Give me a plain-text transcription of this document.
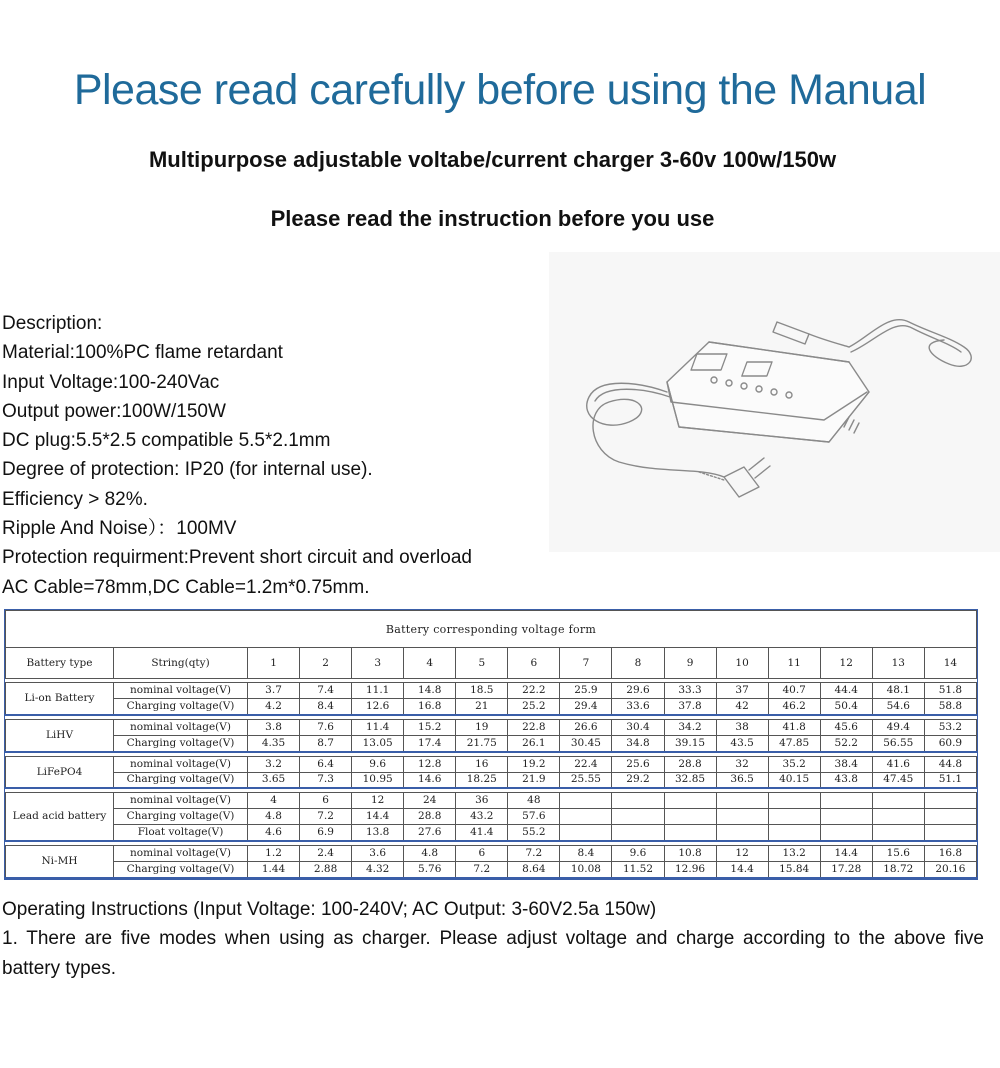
Please read carefully before using the Manual
Multipurpose adjustable voltabe/current charger 3-60v 100w/150w
Please read the instruction before you use
Description:
Material:100%PC flame retardant
Input Voltage:100-240Vac
Output power:100W/150W
DC plug:5.5*2.5 compatible 5.5*2.1mm
Degree of protection: IP20 (for internal use).
Efficiency > 82%.
Ripple And Noise）：100MV
Protection requirment:Prevent short circuit and overload
AC Cable=78mm,DC Cable=1.2m*0.75mm.
Battery corresponding voltage form															
Battery type	String(qty)	1	2	3	4	5	6	7	8	9	10	11	12	13	14

Li-on Battery	nominal voltage(V)	3.7	7.4	11.1	14.8	18.5	22.2	25.9	29.6	33.3	37	40.7	44.4	48.1	51.8
	Charging voltage(V)	4.2	8.4	12.6	16.8	21	25.2	29.4	33.6	37.8	42	46.2	50.4	54.6	58.8

LiHV	nominal voltage(V)	3.8	7.6	11.4	15.2	19	22.8	26.6	30.4	34.2	38	41.8	45.6	49.4	53.2
	Charging voltage(V)	4.35	8.7	13.05	17.4	21.75	26.1	30.45	34.8	39.15	43.5	47.85	52.2	56.55	60.9

LiFePO4	nominal voltage(V)	3.2	6.4	9.6	12.8	16	19.2	22.4	25.6	28.8	32	35.2	38.4	41.6	44.8
	Charging voltage(V)	3.65	7.3	10.95	14.6	18.25	21.9	25.55	29.2	32.85	36.5	40.15	43.8	47.45	51.1

Lead acid battery	nominal voltage(V)	4	6	12	24	36	48								
	Charging voltage(V)	4.8	7.2	14.4	28.8	43.2	57.6								
	Float voltage(V)	4.6	6.9	13.8	27.6	41.4	55.2								

Ni-MH	nominal voltage(V)	1.2	2.4	3.6	4.8	6	7.2	8.4	9.6	10.8	12	13.2	14.4	15.6	16.8
	Charging voltage(V)	1.44	2.88	4.32	5.76	7.2	8.64	10.08	11.52	12.96	14.4	15.84	17.28	18.72	20.16
Operating Instructions (Input Voltage: 100-240V; AC Output: 3-60V2.5a 150w)
1. There are five modes when using as charger. Please adjust voltage and charge according to the above five battery types.
